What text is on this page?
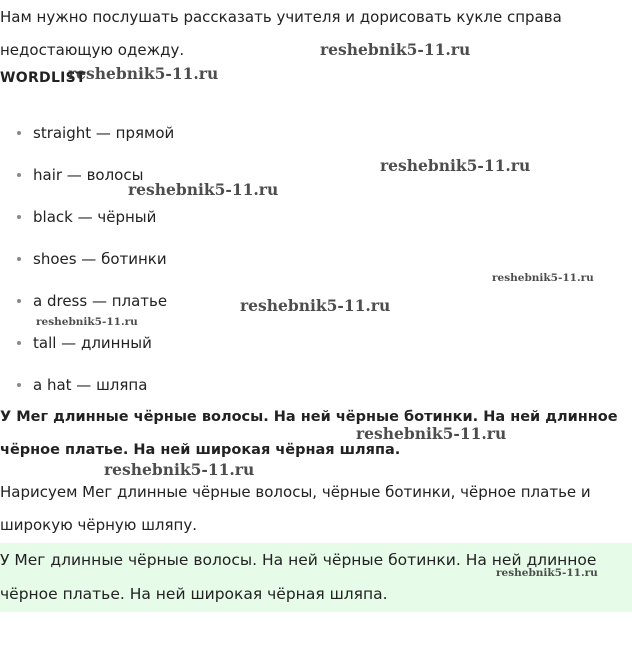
Нам нужно послушать рассказать учителя и дорисовать кукле справа недостающую одежду.

WORDLIST
straight — прямой
hair — волосы
black — чёрный
shoes — ботинки
a dress — платье
tall — длинный
a hat — шляпа

У Мег длинные чёрные волосы. На ней чёрные ботинки. На ней длинное чёрное платье. На ней широкая чёрная шляпа.

Нарисуем Мег длинные чёрные волосы, чёрные ботинки, чёрное платье и широкую чёрную шляпу.

У Мег длинные чёрные волосы. На ней чёрные ботинки. На ней длинное чёрное платье. На ней широкая чёрная шляпа.

reshebnik5-11.ru
reshebnik5-11.ru
reshebnik5-11.ru
reshebnik5-11.ru
reshebnik5-11.ru
reshebnik5-11.ru
reshebnik5-11.ru
reshebnik5-11.ru
reshebnik5-11.ru
reshebnik5-11.ru
